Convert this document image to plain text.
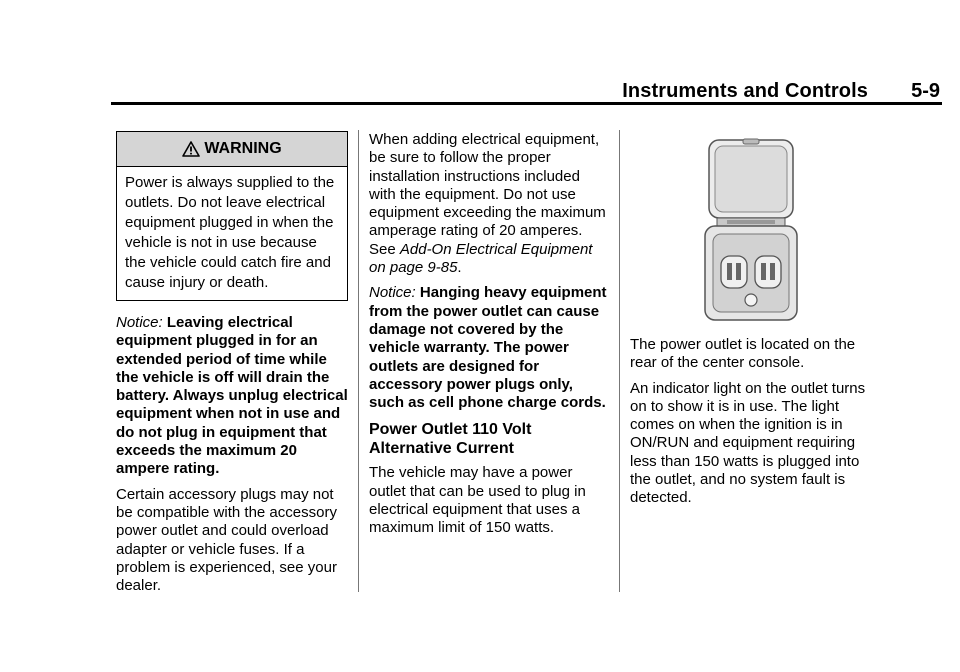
Instruments and Controls 5-9
WARNING
Power is always supplied to the outlets. Do not leave electrical equipment plugged in when the vehicle is not in use because the vehicle could catch fire and cause injury or death.

Notice: Leaving electrical equipment plugged in for an extended period of time while the vehicle is off will drain the battery. Always unplug electrical equipment when not in use and do not plug in equipment that exceeds the maximum 20 ampere rating.

Certain accessory plugs may not be compatible with the accessory power outlet and could overload adapter or vehicle fuses. If a problem is experienced, see your dealer.

When adding electrical equipment, be sure to follow the proper installation instructions included with the equipment. Do not use equipment exceeding the maximum amperage rating of 20 amperes. See Add-On Electrical Equipment on page 9-85.

Notice: Hanging heavy equipment from the power outlet can cause damage not covered by the vehicle warranty. The power outlets are designed for accessory power plugs only, such as cell phone charge cords.

Power Outlet 110 Volt Alternative Current

The vehicle may have a power outlet that can be used to plug in electrical equipment that uses a maximum limit of 150 watts.

The power outlet is located on the rear of the center console.

An indicator light on the outlet turns on to show it is in use. The light comes on when the ignition is in ON/RUN and equipment requiring less than 150 watts is plugged into the outlet, and no system fault is detected.
